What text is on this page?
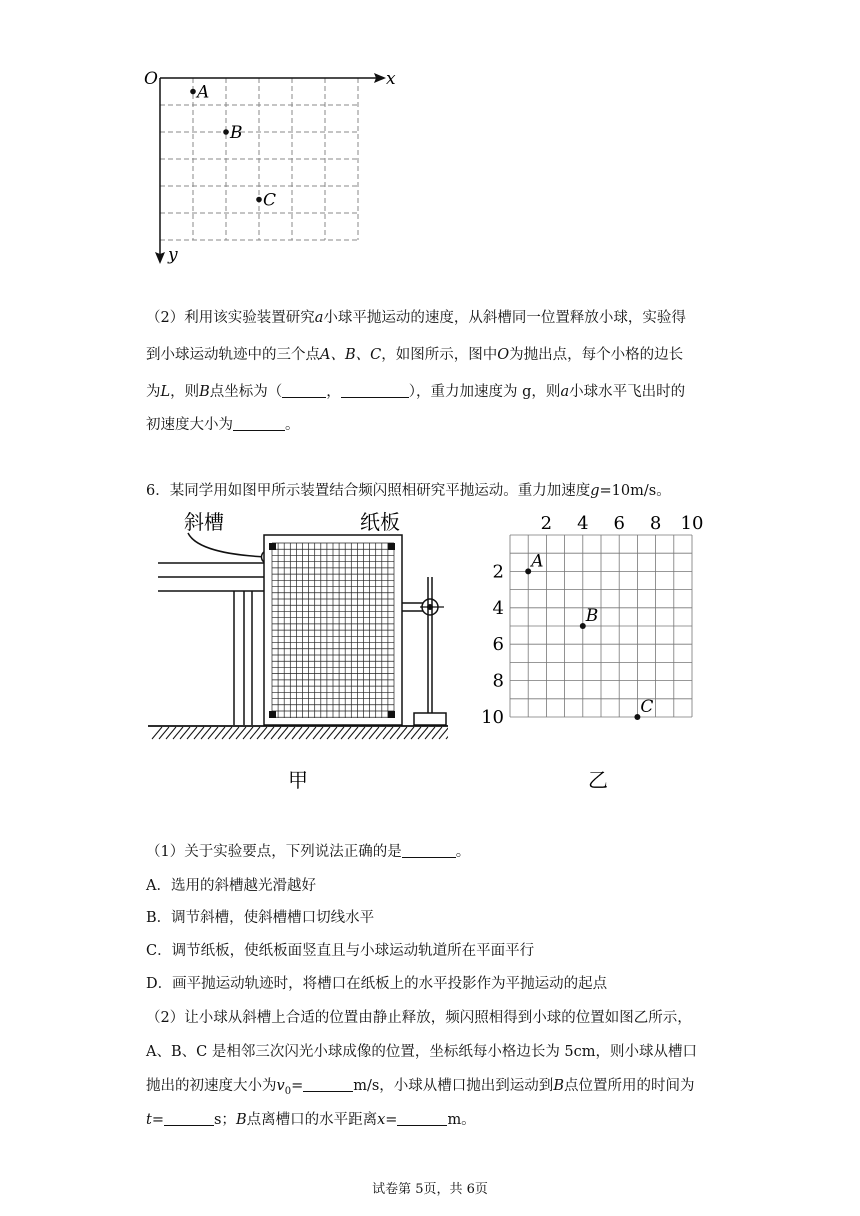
O	x
y
A
B
C
（2）利用该实验装置研究a小球平抛运动的速度，从斜槽同一位置释放小球，实验得
到小球运动轨迹中的三个点A、B、C，如图所示，图中O为抛出点，每个小格的边长
为L，则B点坐标为（	，	），重力加速度为 g，则a小球水平飞出时的
初速度大小为	。
6．某同学用如图甲所示装置结合频闪照相研究平抛运动。重力加速度g=10m/s。
斜槽	纸板
甲
2 4 6 8 10
2
4
6
8
10
A
B
C
乙
（1）关于实验要点，下列说法正确的是	。
A．选用的斜槽越光滑越好
B．调节斜槽，使斜槽槽口切线水平
C．调节纸板，使纸板面竖直且与小球运动轨道所在平面平行
D．画平抛运动轨迹时，将槽口在纸板上的水平投影作为平抛运动的起点
（2）让小球从斜槽上合适的位置由静止释放，频闪照相得到小球的位置如图乙所示，
A、B、C 是相邻三次闪光小球成像的位置，坐标纸每小格边长为 5cm，则小球从槽口
抛出的初速度大小为$v_0=$	m/s，小球从槽口抛出到运动到B点位置所用的时间为
t=	s；B点离槽口的水平距离x=	m。
试卷第 5页，共 6页
